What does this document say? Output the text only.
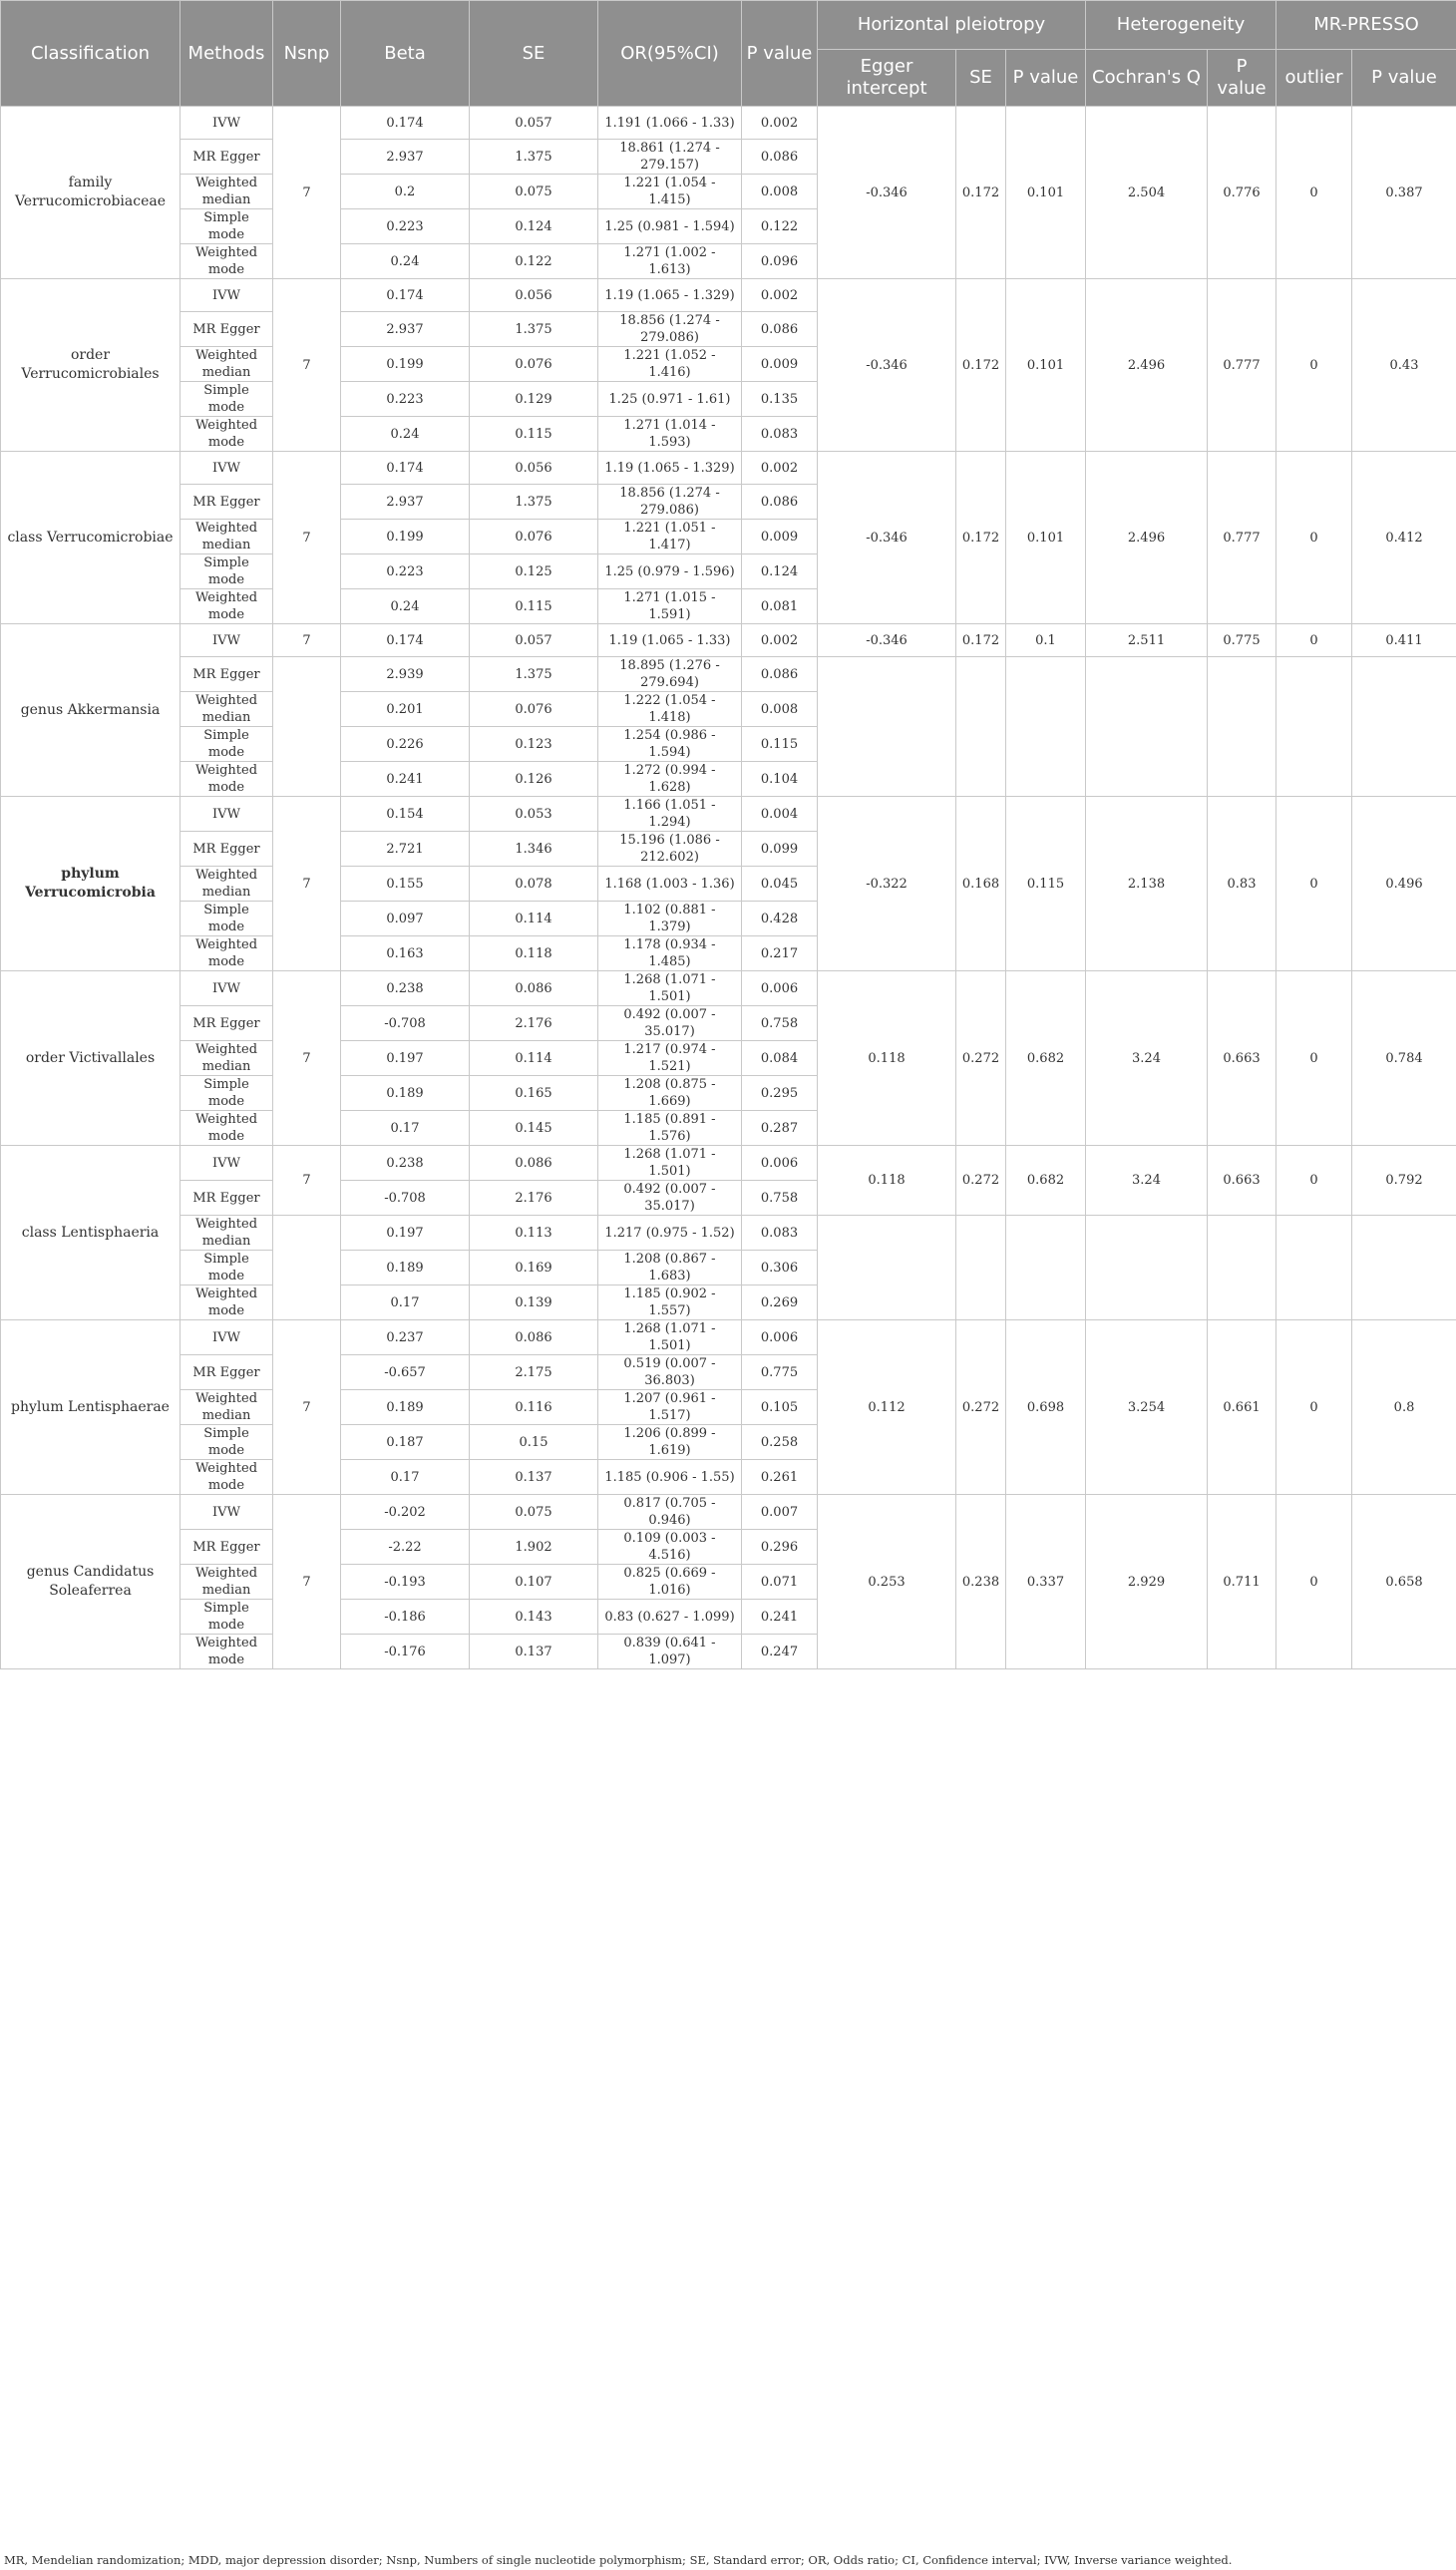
Classification	Methods	Nsnp	Beta	SE	OR(95%CI)	P value	Horizontal pleiotropy			Heterogeneity		MR-PRESSO	
							Egger intercept	SE	P value	Cochran's Q	P value	outlier	P value
family Verrucomicrobiaceae	IVW	7	0.174	0.057	1.191 (1.066 - 1.33)	0.002	-0.346	0.172	0.101	2.504	0.776	0	0.387
	MR Egger		2.937	1.375	18.861 (1.274 - 279.157)	0.086							
	Weighted median		0.2	0.075	1.221 (1.054 - 1.415)	0.008							
	Simple mode		0.223	0.124	1.25 (0.981 - 1.594)	0.122							
	Weighted mode		0.24	0.122	1.271 (1.002 - 1.613)	0.096							
order Verrucomicrobiales	IVW	7	0.174	0.056	1.19 (1.065 - 1.329)	0.002	-0.346	0.172	0.101	2.496	0.777	0	0.43
	MR Egger		2.937	1.375	18.856 (1.274 - 279.086)	0.086							
	Weighted median		0.199	0.076	1.221 (1.052 - 1.416)	0.009							
	Simple mode		0.223	0.129	1.25 (0.971 - 1.61)	0.135							
	Weighted mode		0.24	0.115	1.271 (1.014 - 1.593)	0.083							
class Verrucomicrobiae	IVW	7	0.174	0.056	1.19 (1.065 - 1.329)	0.002	-0.346	0.172	0.101	2.496	0.777	0	0.412
	MR Egger		2.937	1.375	18.856 (1.274 - 279.086)	0.086							
	Weighted median		0.199	0.076	1.221 (1.051 - 1.417)	0.009							
	Simple mode		0.223	0.125	1.25 (0.979 - 1.596)	0.124							
	Weighted mode		0.24	0.115	1.271 (1.015 - 1.591)	0.081							
genus Akkermansia	IVW	7	0.174	0.057	1.19 (1.065 - 1.33)	0.002	-0.346	0.172	0.1	2.511	0.775	0	0.411
	MR Egger		2.939	1.375	18.895 (1.276 - 279.694)	0.086							
	Weighted median		0.201	0.076	1.222 (1.054 - 1.418)	0.008							
	Simple mode		0.226	0.123	1.254 (0.986 - 1.594)	0.115							
	Weighted mode		0.241	0.126	1.272 (0.994 - 1.628)	0.104							
phylum Verrucomicrobia	IVW	7	0.154	0.053	1.166 (1.051 - 1.294)	0.004	-0.322	0.168	0.115	2.138	0.83	0	0.496
	MR Egger		2.721	1.346	15.196 (1.086 - 212.602)	0.099							
	Weighted median		0.155	0.078	1.168 (1.003 - 1.36)	0.045							
	Simple mode		0.097	0.114	1.102 (0.881 - 1.379)	0.428							
	Weighted mode		0.163	0.118	1.178 (0.934 - 1.485)	0.217							
order Victivallales	IVW	7	0.238	0.086	1.268 (1.071 - 1.501)	0.006	0.118	0.272	0.682	3.24	0.663	0	0.784
	MR Egger		-0.708	2.176	0.492 (0.007 - 35.017)	0.758							
	Weighted median		0.197	0.114	1.217 (0.974 - 1.521)	0.084							
	Simple mode		0.189	0.165	1.208 (0.875 - 1.669)	0.295							
	Weighted mode		0.17	0.145	1.185 (0.891 - 1.576)	0.287							
class Lentisphaeria	IVW	7	0.238	0.086	1.268 (1.071 - 1.501)	0.006	0.118	0.272	0.682	3.24	0.663	0	0.792
	MR Egger		-0.708	2.176	0.492 (0.007 - 35.017)	0.758							
	Weighted median		0.197	0.113	1.217 (0.975 - 1.52)	0.083							
	Simple mode		0.189	0.169	1.208 (0.867 - 1.683)	0.306							
	Weighted mode		0.17	0.139	1.185 (0.902 - 1.557)	0.269							
phylum Lentisphaerae	IVW	7	0.237	0.086	1.268 (1.071 - 1.501)	0.006	0.112	0.272	0.698	3.254	0.661	0	0.8
	MR Egger		-0.657	2.175	0.519 (0.007 - 36.803)	0.775							
	Weighted median		0.189	0.116	1.207 (0.961 - 1.517)	0.105							
	Simple mode		0.187	0.15	1.206 (0.899 - 1.619)	0.258							
	Weighted mode		0.17	0.137	1.185 (0.906 - 1.55)	0.261							
genus Candidatus Soleaferrea	IVW	7	-0.202	0.075	0.817 (0.705 - 0.946)	0.007	0.253	0.238	0.337	2.929	0.711	0	0.658
	MR Egger		-2.22	1.902	0.109 (0.003 - 4.516)	0.296							
	Weighted median		-0.193	0.107	0.825 (0.669 - 1.016)	0.071							
	Simple mode		-0.186	0.143	0.83 (0.627 - 1.099)	0.241							
	Weighted mode		-0.176	0.137	0.839 (0.641 - 1.097)	0.247							
MR, Mendelian randomization; MDD, major depression disorder; Nsnp, Numbers of single nucleotide polymorphism; SE, Standard error; OR, Odds ratio; CI, Confidence interval; IVW, Inverse variance weighted.
